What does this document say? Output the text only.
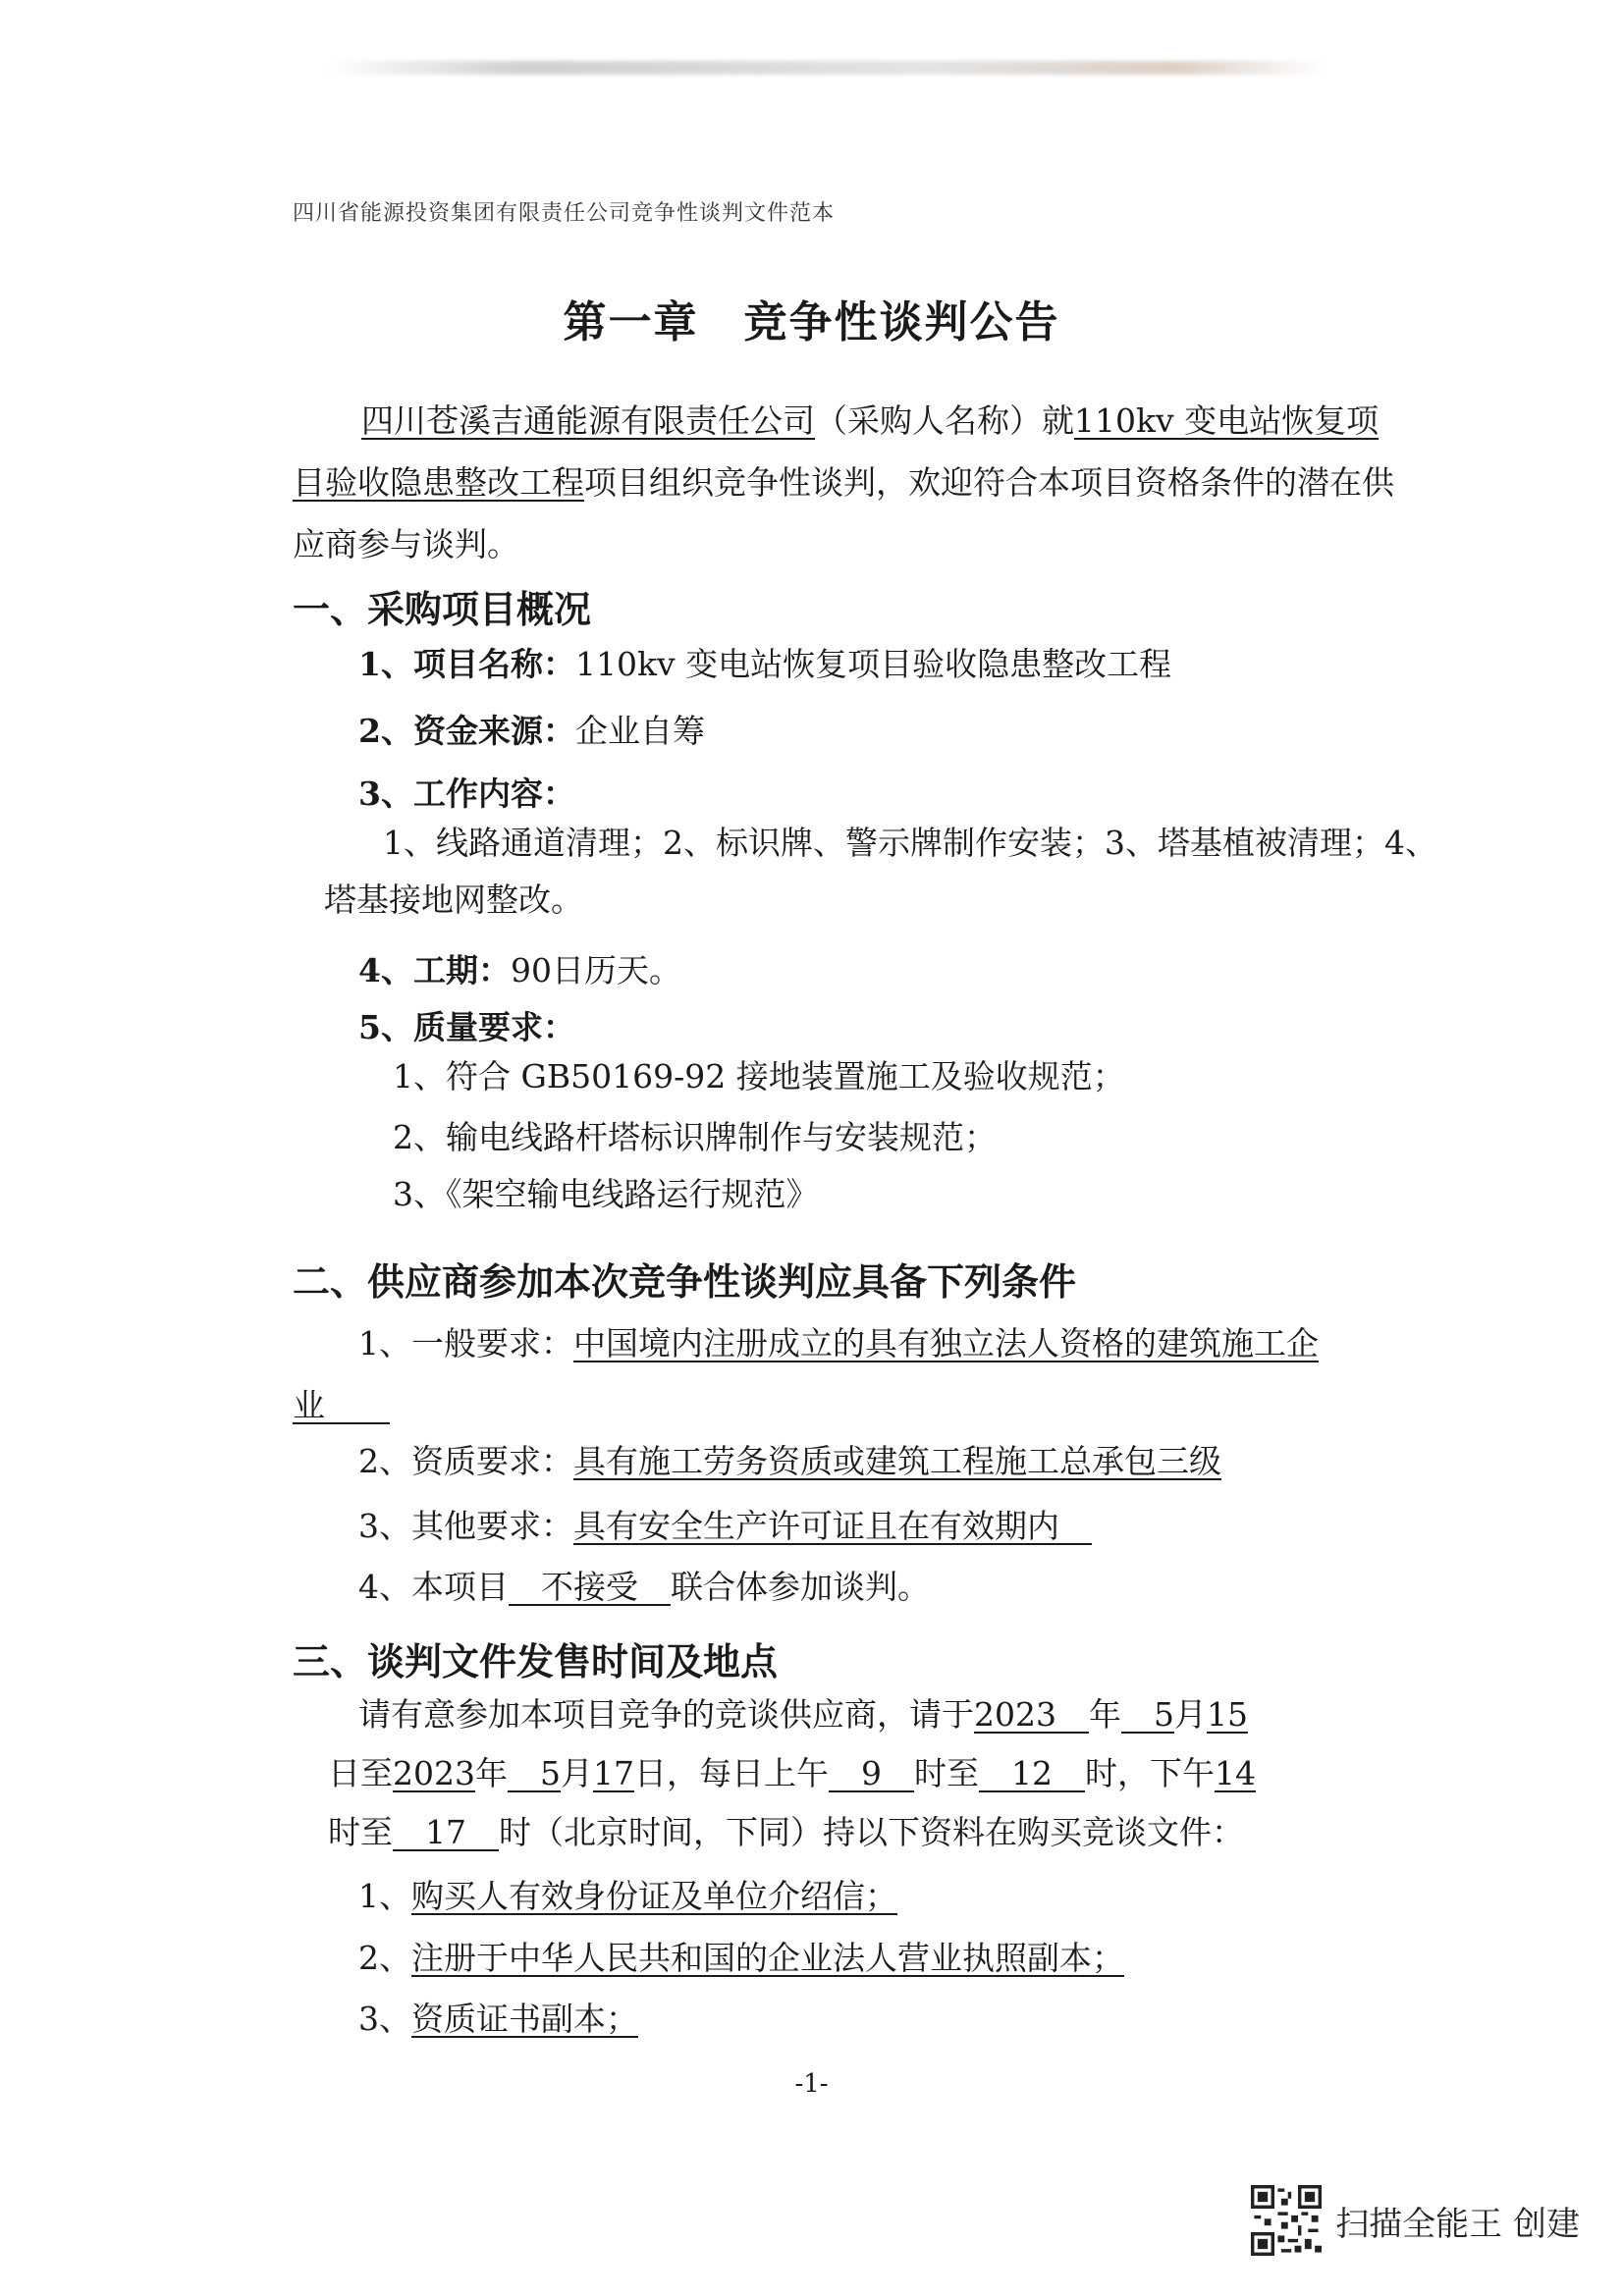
四川省能源投资集团有限责任公司竞争性谈判文件范本
第一章　竞争性谈判公告
四川苍溪吉通能源有限责任公司（采购人名称）就110kv 变电站恢复项
目验收隐患整改工程项目组织竞争性谈判，欢迎符合本项目资格条件的潜在供
应商参与谈判。
一、采购项目概况
1、项目名称：110kv 变电站恢复项目验收隐患整改工程
2、资金来源：企业自筹
3、工作内容：
1、线路通道清理；2、标识牌、警示牌制作安装；3、塔基植被清理；4、
塔基接地网整改。
4、工期：90日历天。
5、质量要求：
1、符合 GB50169-92 接地装置施工及验收规范；
2、输电线路杆塔标识牌制作与安装规范；
3、《架空输电线路运行规范》
二、供应商参加本次竞争性谈判应具备下列条件
1、一般要求：中国境内注册成立的具有独立法人资格的建筑施工企
业　　
2、资质要求：具有施工劳务资质或建筑工程施工总承包三级
3、其他要求：具有安全生产许可证且在有效期内　
4、本项目　 不接受　 联合体参加谈判。
三、谈判文件发售时间及地点
请有意参加本项目竞争的竞谈供应商，请于2023　 年　 5月15
日至2023年　 5月17日，每日上午　 9　 时至　 12　 时，下午14
时至　 17　 时（北京时间，下同）持以下资料在购买竞谈文件：
1、购买人有效身份证及单位介绍信；
2、注册于中华人民共和国的企业法人营业执照副本；
3、资质证书副本；
-1-
扫描全能王 创建
